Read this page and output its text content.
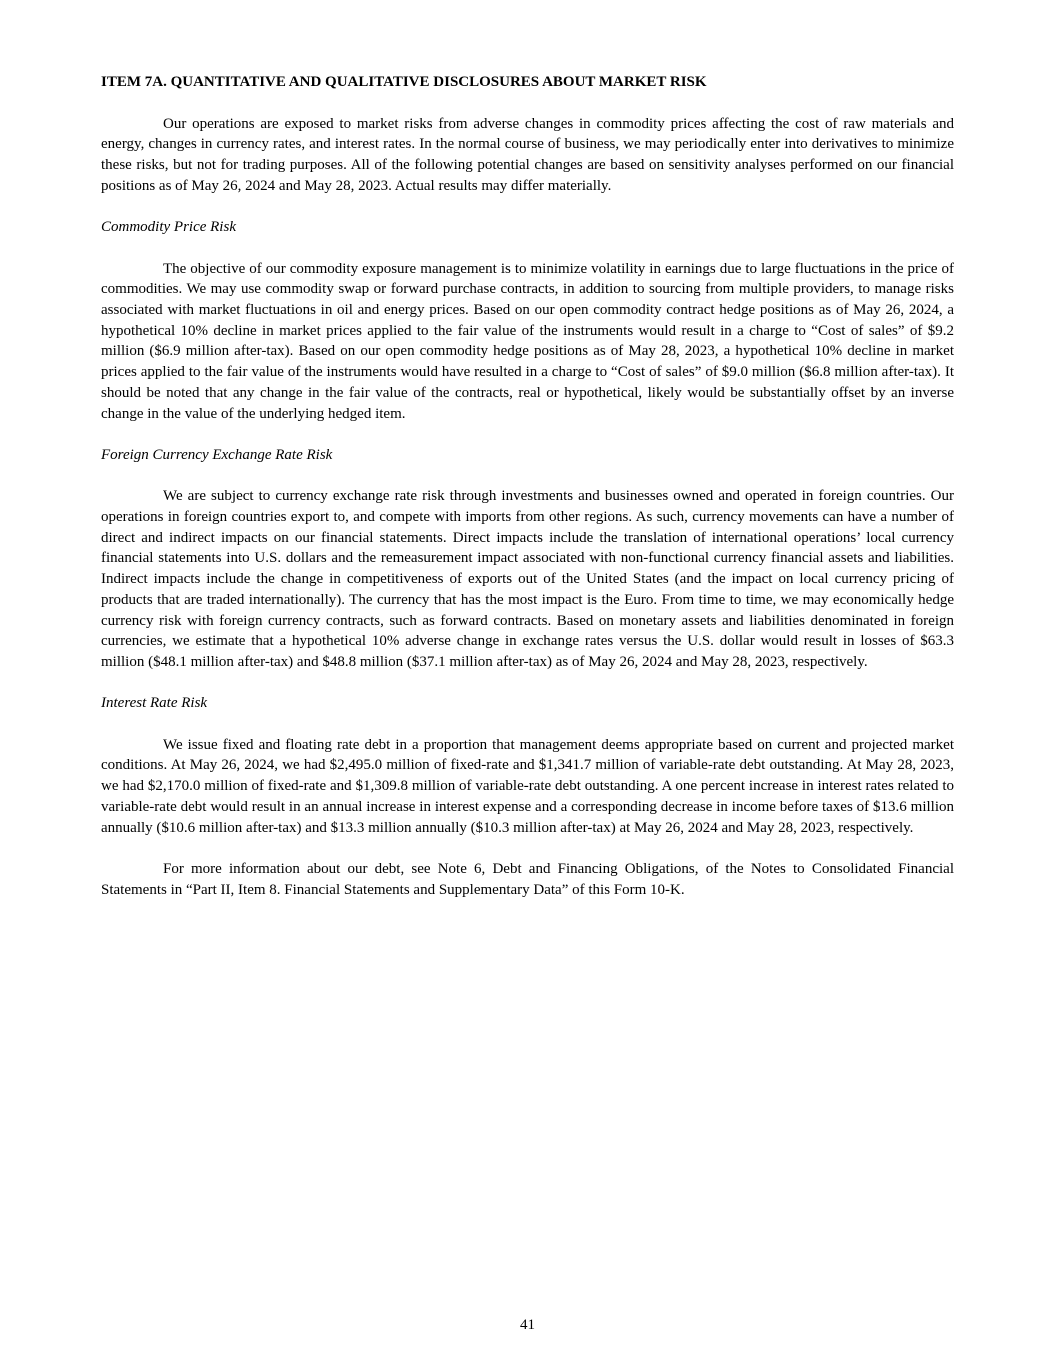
ITEM 7A. QUANTITATIVE AND QUALITATIVE DISCLOSURES ABOUT MARKET RISK

Our operations are exposed to market risks from adverse changes in commodity prices affecting the cost of raw materials and energy, changes in currency rates, and interest rates. In the normal course of business, we may periodically enter into derivatives to minimize these risks, but not for trading purposes. All of the following potential changes are based on sensitivity analyses performed on our financial positions as of May 26, 2024 and May 28, 2023. Actual results may differ materially.

Commodity Price Risk

The objective of our commodity exposure management is to minimize volatility in earnings due to large fluctuations in the price of commodities. We may use commodity swap or forward purchase contracts, in addition to sourcing from multiple providers, to manage risks associated with market fluctuations in oil and energy prices. Based on our open commodity contract hedge positions as of May 26, 2024, a hypothetical 10% decline in market prices applied to the fair value of the instruments would result in a charge to “Cost of sales” of $9.2 million ($6.9 million after-tax). Based on our open commodity hedge positions as of May 28, 2023, a hypothetical 10% decline in market prices applied to the fair value of the instruments would have resulted in a charge to “Cost of sales” of $9.0 million ($6.8 million after-tax). It should be noted that any change in the fair value of the contracts, real or hypothetical, likely would be substantially offset by an inverse change in the value of the underlying hedged item.

Foreign Currency Exchange Rate Risk

We are subject to currency exchange rate risk through investments and businesses owned and operated in foreign countries. Our operations in foreign countries export to, and compete with imports from other regions. As such, currency movements can have a number of direct and indirect impacts on our financial statements. Direct impacts include the translation of international operations’ local currency financial statements into U.S. dollars and the remeasurement impact associated with non-functional currency financial assets and liabilities. Indirect impacts include the change in competitiveness of exports out of the United States (and the impact on local currency pricing of products that are traded internationally). The currency that has the most impact is the Euro. From time to time, we may economically hedge currency risk with foreign currency contracts, such as forward contracts. Based on monetary assets and liabilities denominated in foreign currencies, we estimate that a hypothetical 10% adverse change in exchange rates versus the U.S. dollar would result in losses of $63.3 million ($48.1 million after-tax) and $48.8 million ($37.1 million after-tax) as of May 26, 2024 and May 28, 2023, respectively.

Interest Rate Risk

We issue fixed and floating rate debt in a proportion that management deems appropriate based on current and projected market conditions. At May 26, 2024, we had $2,495.0 million of fixed-rate and $1,341.7 million of variable-rate debt outstanding. At May 28, 2023, we had $2,170.0 million of fixed-rate and $1,309.8 million of variable-rate debt outstanding. A one percent increase in interest rates related to variable-rate debt would result in an annual increase in interest expense and a corresponding decrease in income before taxes of $13.6 million annually ($10.6 million after-tax) and $13.3 million annually ($10.3 million after-tax) at May 26, 2024 and May 28, 2023, respectively.

For more information about our debt, see Note 6, Debt and Financing Obligations, of the Notes to Consolidated Financial Statements in “Part II, Item 8. Financial Statements and Supplementary Data” of this Form 10-K.

41
